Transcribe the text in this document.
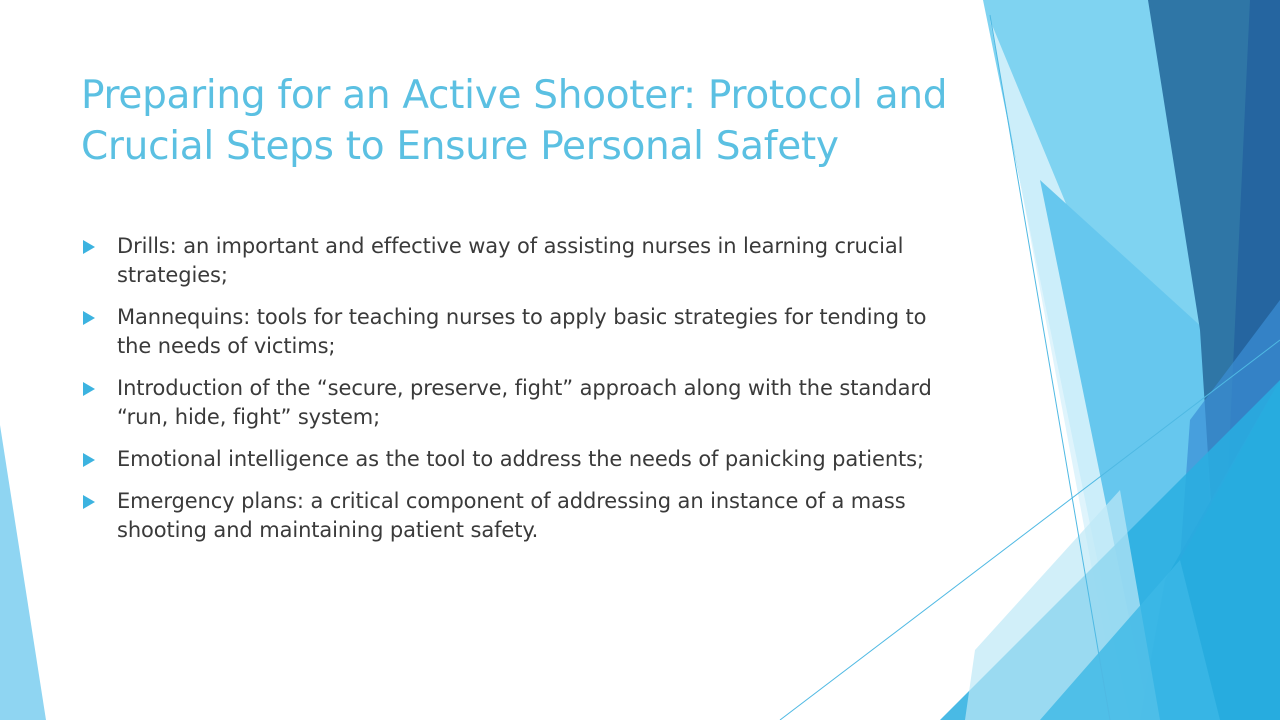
Preparing for an Active Shooter: Protocol and Crucial Steps to Ensure Personal Safety
Drills: an important and effective way of assisting nurses in learning crucial strategies;
Mannequins: tools for teaching nurses to apply basic strategies for tending to the needs of victims;
Introduction of the “secure, preserve, fight” approach along with the standard “run, hide, fight” system;
Emotional intelligence as the tool to address the needs of panicking patients;
Emergency plans: a critical component of addressing an instance of a mass shooting and maintaining patient safety.
